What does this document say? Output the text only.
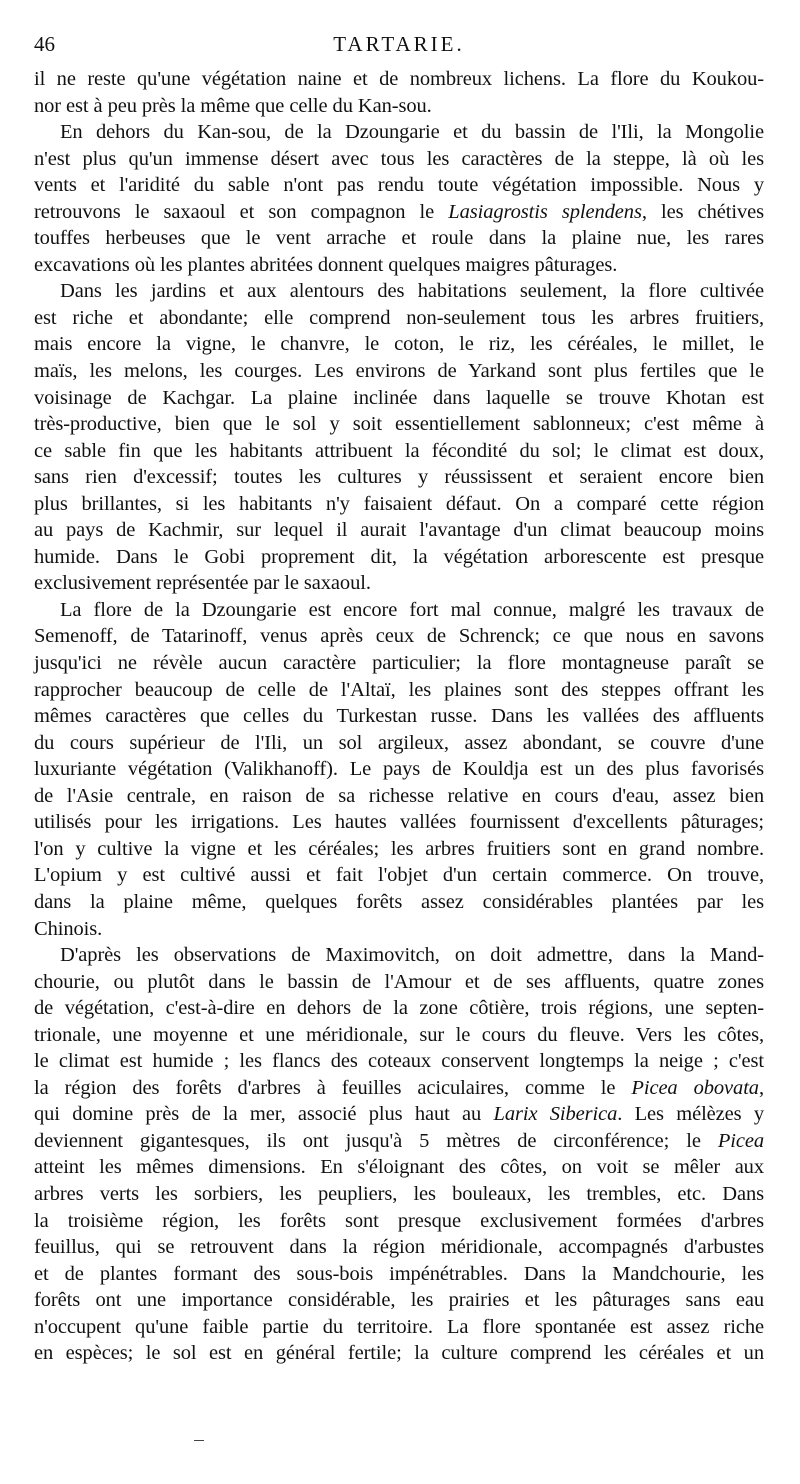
46	TARTARIE.
il ne reste qu'une végétation naine et de nombreux lichens. La flore du Koukou-
nor est à peu près la même que celle du Kan-sou.
En dehors du Kan-sou, de la Dzoungarie et du bassin de l'Ili, la Mongolie
n'est plus qu'un immense désert avec tous les caractères de la steppe, là où les
vents et l'aridité du sable n'ont pas rendu toute végétation impossible. Nous y
retrouvons le saxaoul et son compagnon le Lasiagrostis splendens, les chétives
touffes herbeuses que le vent arrache et roule dans la plaine nue, les rares
excavations où les plantes abritées donnent quelques maigres pâturages.
Dans les jardins et aux alentours des habitations seulement, la flore cultivée
est riche et abondante; elle comprend non-seulement tous les arbres fruitiers,
mais encore la vigne, le chanvre, le coton, le riz, les céréales, le millet, le
maïs, les melons, les courges. Les environs de Yarkand sont plus fertiles que le
voisinage de Kachgar. La plaine inclinée dans laquelle se trouve Khotan est
très-productive, bien que le sol y soit essentiellement sablonneux; c'est même à
ce sable fin que les habitants attribuent la fécondité du sol; le climat est doux,
sans rien d'excessif; toutes les cultures y réussissent et seraient encore bien
plus brillantes, si les habitants n'y faisaient défaut. On a comparé cette région
au pays de Kachmir, sur lequel il aurait l'avantage d'un climat beaucoup moins
humide. Dans le Gobi proprement dit, la végétation arborescente est presque
exclusivement représentée par le saxaoul.
La flore de la Dzoungarie est encore fort mal connue, malgré les travaux de
Semenoff, de Tatarinoff, venus après ceux de Schrenck; ce que nous en savons
jusqu'ici ne révèle aucun caractère particulier; la flore montagneuse paraît se
rapprocher beaucoup de celle de l'Altaï, les plaines sont des steppes offrant les
mêmes caractères que celles du Turkestan russe. Dans les vallées des affluents
du cours supérieur de l'Ili, un sol argileux, assez abondant, se couvre d'une
luxuriante végétation (Valikhanoff). Le pays de Kouldja est un des plus favorisés
de l'Asie centrale, en raison de sa richesse relative en cours d'eau, assez bien
utilisés pour les irrigations. Les hautes vallées fournissent d'excellents pâturages;
l'on y cultive la vigne et les céréales; les arbres fruitiers sont en grand nombre.
L'opium y est cultivé aussi et fait l'objet d'un certain commerce. On trouve,
dans la plaine même, quelques forêts assez considérables plantées par les
Chinois.
D'après les observations de Maximovitch, on doit admettre, dans la Mand-
chourie, ou plutôt dans le bassin de l'Amour et de ses affluents, quatre zones
de végétation, c'est-à-dire en dehors de la zone côtière, trois régions, une septen-
trionale, une moyenne et une méridionale, sur le cours du fleuve. Vers les côtes,
le climat est humide ; les flancs des coteaux conservent longtemps la neige ; c'est
la région des forêts d'arbres à feuilles aciculaires, comme le Picea obovata,
qui domine près de la mer, associé plus haut au Larix Siberica. Les mélèzes y
deviennent gigantesques, ils ont jusqu'à 5 mètres de circonférence; le Picea
atteint les mêmes dimensions. En s'éloignant des côtes, on voit se mêler aux
arbres verts les sorbiers, les peupliers, les bouleaux, les trembles, etc. Dans
la troisième région, les forêts sont presque exclusivement formées d'arbres
feuillus, qui se retrouvent dans la région méridionale, accompagnés d'arbustes
et de plantes formant des sous-bois impénétrables. Dans la Mandchourie, les
forêts ont une importance considérable, les prairies et les pâturages sans eau
n'occupent qu'une faible partie du territoire. La flore spontanée est assez riche
en espèces; le sol est en général fertile; la culture comprend les céréales et un
